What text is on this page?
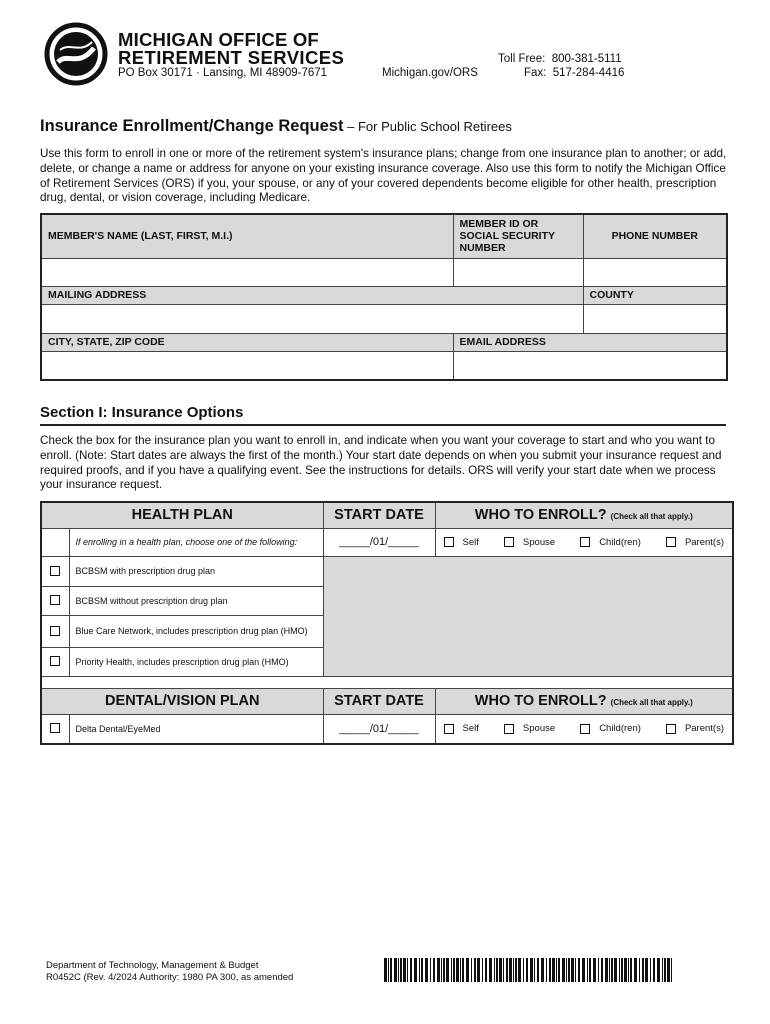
MICHIGAN OFFICE OF
RETIREMENT SERVICES
PO Box 30171 · Lansing, MI 48909-7671	Michigan.gov/ORS
Toll Free: 800-381-5111
Fax: 517-284-4416
Insurance Enrollment/Change Request – For Public School Retirees
Use this form to enroll in one or more of the retirement system's insurance plans; change from one insurance plan to another; or add, delete, or change a name or address for anyone on your existing insurance coverage. Also use this form to notify the Michigan Office of Retirement Services (ORS) if you, your spouse, or any of your covered dependents become eligible for other health, prescription drug, dental, or vision coverage, including Medicare.
MEMBER'S NAME (LAST, FIRST, M.I.)	MEMBER ID OR SOCIAL SECURITY NUMBER	PHONE NUMBER

MAILING ADDRESS		COUNTY

CITY, STATE, ZIP CODE	EMAIL ADDRESS	

Section I: Insurance Options
Check the box for the insurance plan you want to enroll in, and indicate when you want your coverage to start and who you want to enroll. (Note: Start dates are always the first of the month.) Your start date depends on when you submit your insurance request and required proofs, and if you have a qualifying event. See the instructions for details. ORS will verify your start date when we process your insurance request.
HEALTH PLAN		START DATE	WHO TO ENROLL? (Check all that apply.)
	If enrolling in a health plan, choose one of the following:	_____/01/_____	Self Spouse Child(ren) Parent(s)

	BCBSM with prescription drug plan		
	BCBSM without prescription drug plan		
	Blue Care Network, includes prescription drug plan (HMO)		
	Priority Health, includes prescription drug plan (HMO)		

DENTAL/VISION PLAN		START DATE	WHO TO ENROLL? (Check all that apply.)
	Delta Dental/EyeMed	_____/01/_____	Self Spouse Child(ren) Parent(s)
Department of Technology, Management & Budget
R0452C (Rev. 4/2024 Authority: 1980 PA 300, as amended
